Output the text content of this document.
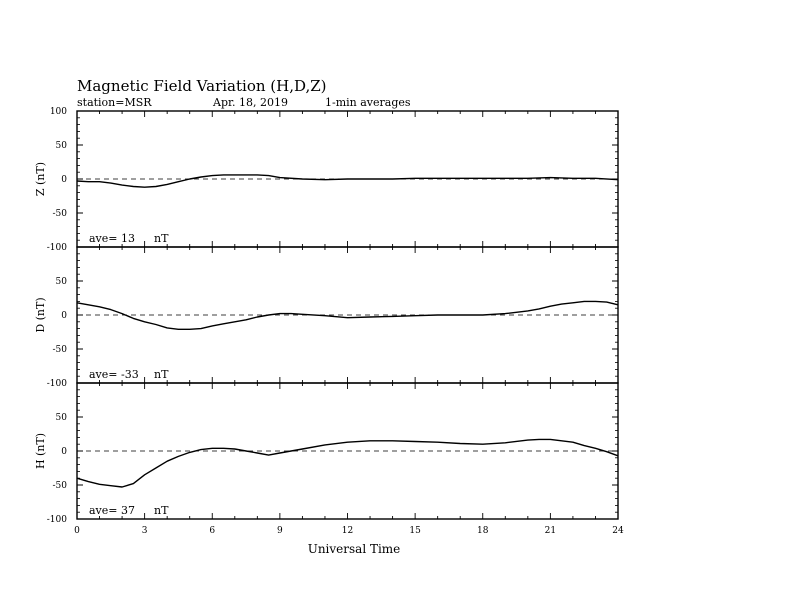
Magnetic Field Variation (H,D,Z)
station=MSR	Apr. 18, 2019	1-min averages
100
50
0
-50
-100
Z (nT)
ave= 13 nT
50
0
-50
-100
D (nT)
ave= -33 nT
50
0
-50
-100
H (nT)
ave= 37 nT
0	3	6	9	12	15	18	21	24
Universal Time
